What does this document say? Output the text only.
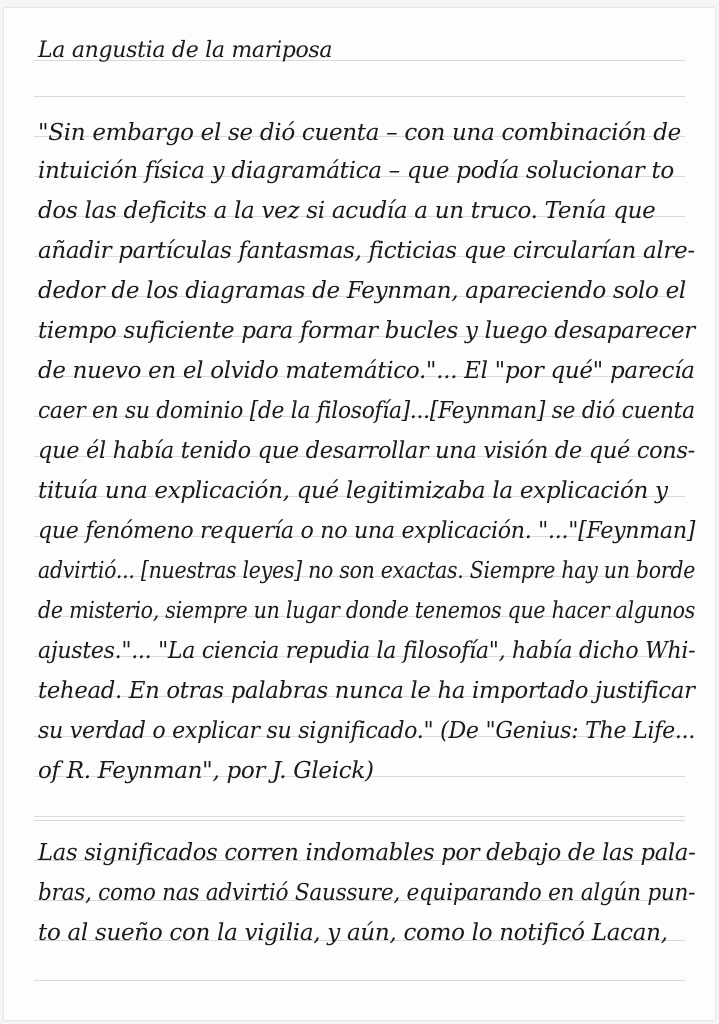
La angustia de la mariposa
"Sin embargo el se dió cuenta – con una combinación de
intuición física y diagramática – que podía solucionar to
dos las deficits a la vez si acudía a un truco. Tenía que
añadir partículas fantasmas, ficticias que circularían alre-
dedor de los diagramas de Feynman, apareciendo solo el
tiempo suficiente para formar bucles y luego desaparecer
de nuevo en el olvido matemático."... El "por qué" parecía
caer en su dominio [de la filosofía]...[Feynman] se dió cuenta
que él había tenido que desarrollar una visión de qué cons-
tituía una explicación, qué legitimizaba la explicación y
que fenómeno requería o no una explicación. "..."[Feynman]
advirtió... [nuestras leyes] no son exactas. Siempre hay un borde
de misterio, siempre un lugar donde tenemos que hacer algunos
ajustes."... "La ciencia repudia la filosofía", había dicho Whi-
tehead. En otras palabras nunca le ha importado justificar
su verdad o explicar su significado." (De "Genius: The Life...
of R. Feynman", por J. Gleick)
Las significados corren indomables por debajo de las pala-
bras, como nas advirtió Saussure, equiparando en algún pun-
to al sueño con la vigilia, y aún, como lo notificó Lacan,
